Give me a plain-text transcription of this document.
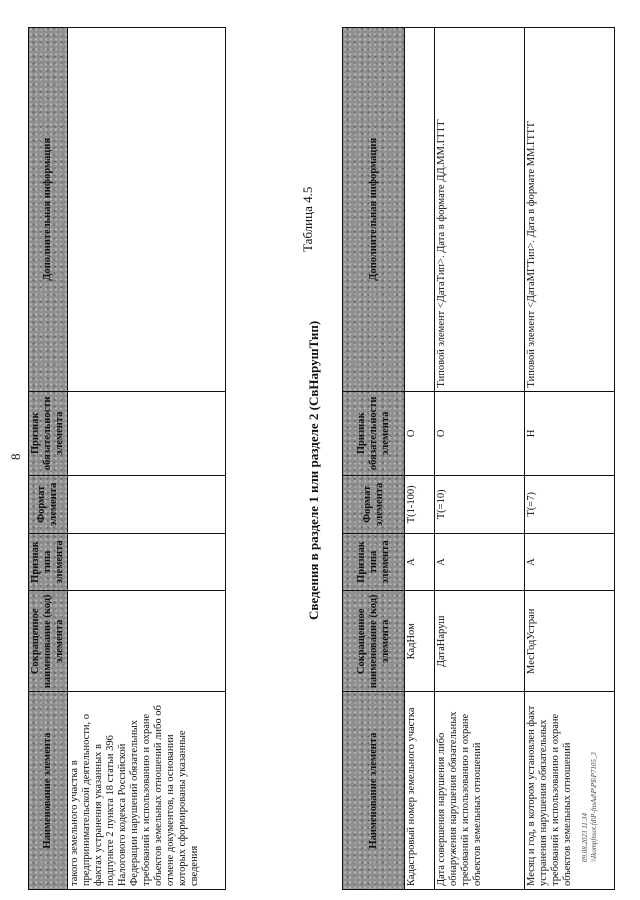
8
Наименование элемента	Сокращенное наименование (код) элемента	Признак типа элемента	Формат элемента	Признак обязательности элемента	Дополнительная информация
такого земельного участка в предпринимательской деятельности, о фактах устранения указанных в подпункте 2 пункта 18 статьи 396 Налогового кодекса Российской Федерации нарушений обязательных требований к использованию и охране объектов земельных отношений либо об отмене документов, на основании которых сформированы указанные сведения					
Таблица 4.5
Сведения в разделе 1 или разделе 2 (СвНарушТип)
Наименование элемента	Сокращенное наименование (код) элемента	Признак типа элемента	Формат элемента	Признак обязательности элемента	Дополнительная информация
Кадастровый номер земельного участка	КадНом	А	T(1-100)	О	
Дата совершения нарушения либо обнаружения нарушения обязательных требований к использованию и охране объектов земельных отношений	ДатаНаруш	А	T(=10)	О	Типовой элемент <ДатаТип>. Дата в формате ДД.ММ.ГГГГ
Месяц и год, в котором установлен факт устранения нарушения обязательных требований к использованию и охране объектов земельных отношений	МесГодУстран	А	T(=7)	Н	Типовой элемент <ДатаМГТип>. Дата в формате ММ.ГГГГ
09.08.2023 11:34 \\Ikompfnsot.fd\P-fnsAd\P\P$\P7105_3
